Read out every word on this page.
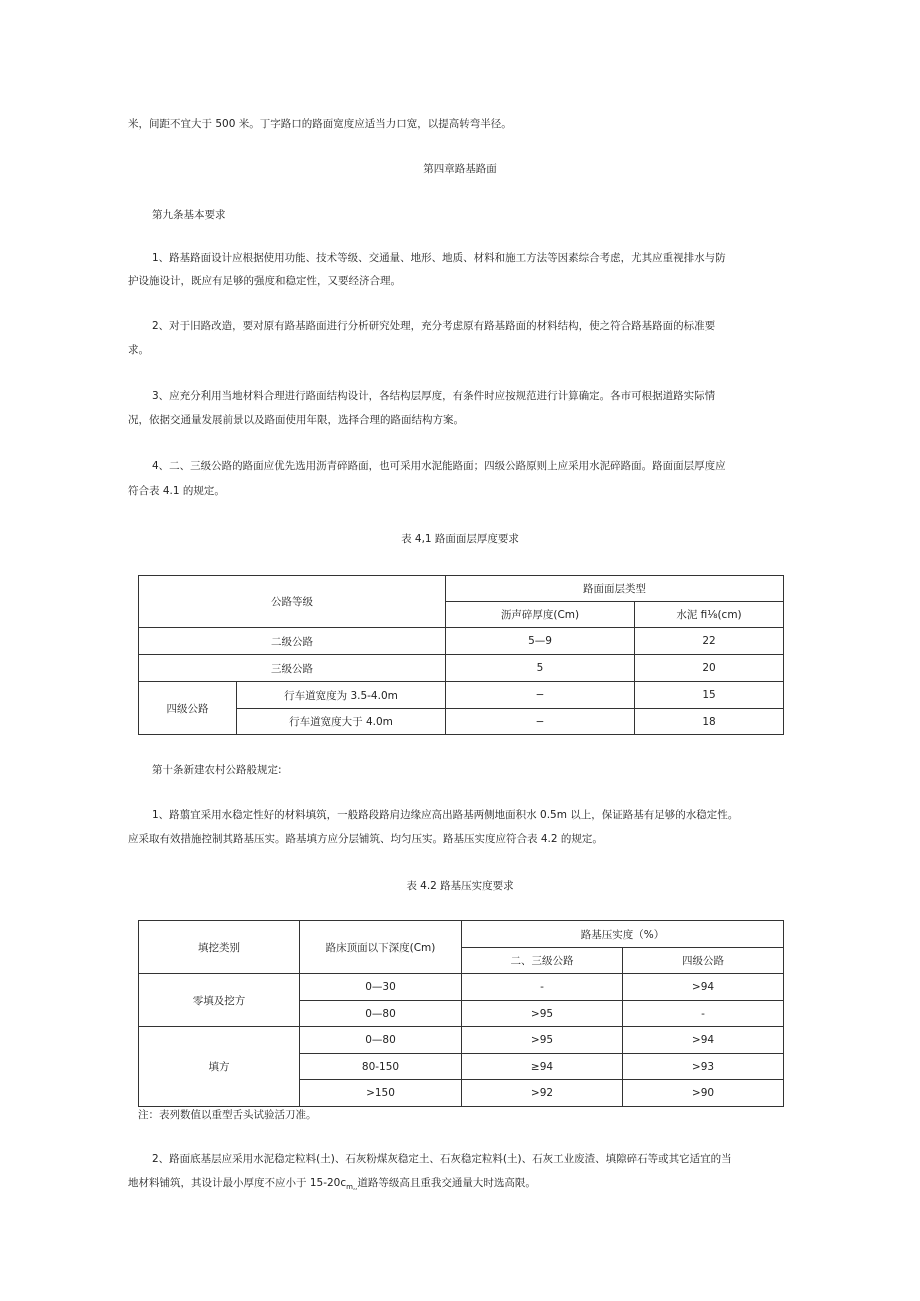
米，间距不宜大于 500 米。丁字路口的路面宽度应适当力口宽，以提高转弯半径。
第四章路基路面
第九条基本要求
1、路基路面设计应根据使用功能、技术等级、交通量、地形、地质、材料和施工方法等因素综合考虑，尤其应重视排水与防
护设施设计，既应有足够的强度和稳定性，又要经济合理。
2、对于旧路改造，要对原有路基路面进行分析研究处理，充分考虑原有路基路面的材料结构，使之符合路基路面的标准要
求。
3、应充分利用当地材料合理进行路面结构设计，各结构层厚度，有条件时应按规范进行计算确定。各市可根据道路实际情
况，依据交通量发展前景以及路面使用年限，选择合理的路面结构方案。
4、二、三级公路的路面应优先选用沥青碎路面，也可采用水泥能路面；四级公路原则上应采用水泥碎路面。路面面层厚度应
符合表 4.1 的规定。
表 4,1 路面面层厚度要求
公路等级		路面面层类型	
		沥声碎厚度(Cm)	水泥 fi⅛(cm)
二级公路		5—9	22
三级公路		5	20
四级公路	行车道宽度为 3.5-4.0m	−	15
	行车道宽度大于 4.0m	−	18
第十条新建农村公路般规定:
1、路翦宜采用水稳定性好的材料填筑，一般路段路肩边缘应高出路基两侧地面积水 0.5m 以上，保证路基有足够的水稳定性。
应采取有效措施控制其路基压实。路基填方应分层铺筑、均匀压实。路基压实度应符合表 4.2 的规定。
表 4.2 路基压实度要求
填挖类别	路床顶面以下深度(Cm)	路基压实度（%）	
		二、三级公路	四级公路
零填及挖方	0—30	-	>94
	0—80	>95	-
填方	0—80	>95	>94
	80-150	≥94	>93
	>150	>92	>90
注：表列数值以重型舌头试验活刀准。
2、路面底基层应采用水泥稳定粒料(土)、石灰粉煤灰稳定土、石灰稳定粒料(土)、石灰工业废渣、填隙碎石等或其它适宜的当
地材料铺筑，其设计最小厚度不应小于 $15-20c_{m,,}$道路等级高且重我交通量大时选高限。
